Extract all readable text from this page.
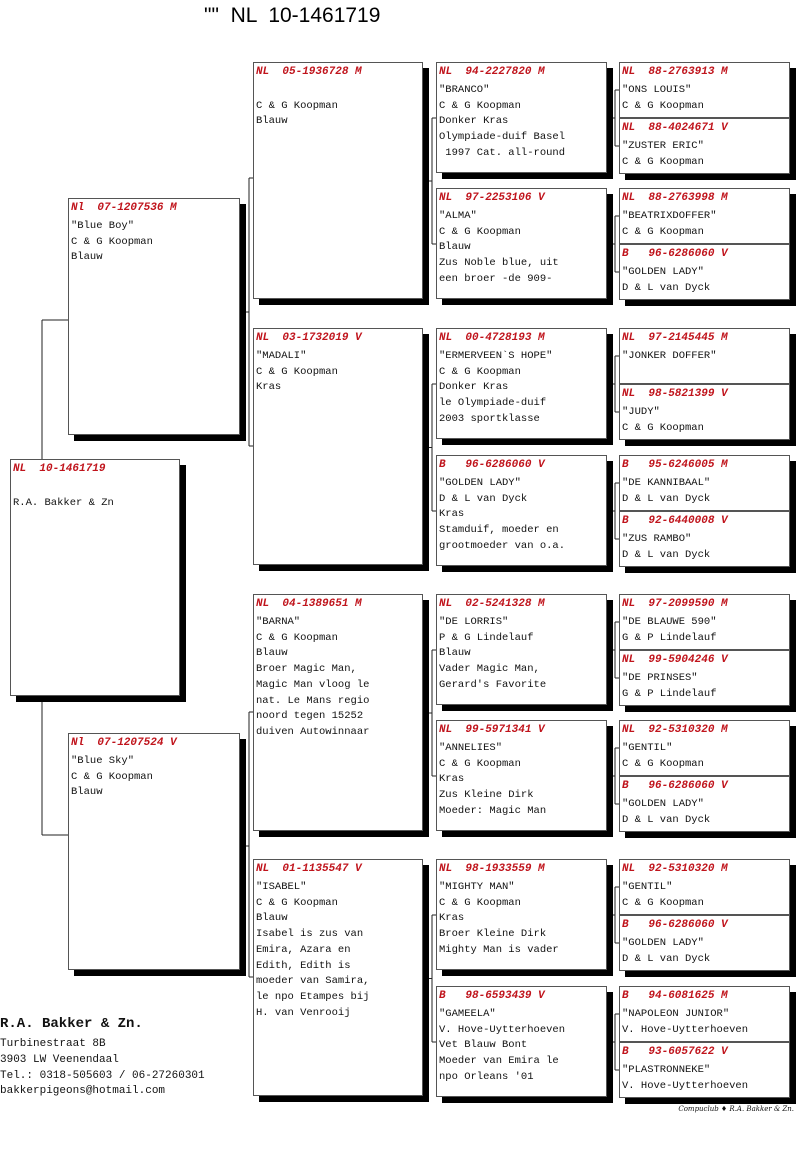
""  NL  10-1461719
NL  10-1461719
R.A. Bakker & Zn
Nl  07-1207536 M
"Blue Boy"
C & G Koopman
Blauw
Nl  07-1207524 V
"Blue Sky"
C & G Koopman
Blauw
NL  05-1936728 M
C & G Koopman
Blauw
NL  03-1732019 V
"MADALI"
C & G Koopman
Kras
NL  04-1389651 M
"BARNA"
C & G Koopman
Blauw
Broer Magic Man,
Magic Man vloog le
nat. Le Mans regio
noord tegen 15252
duiven Autowinnaar
NL  01-1135547 V
"ISABEL"
C & G Koopman
Blauw
Isabel is zus van
Emira, Azara en
Edith, Edith is
moeder van Samira,
le npo Etampes bij
H. van Venrooij
NL  94-2227820 M
"BRANCO"
C & G Koopman
Donker Kras
Olympiade-duif Basel
1997 Cat. all-round
NL  97-2253106 V
"ALMA"
C & G Koopman
Blauw
Zus Noble blue, uit
een broer -de 909-
NL  00-4728193 M
"ERMERVEEN`S HOPE"
C & G Koopman
Donker Kras
le Olympiade-duif
2003 sportklasse
B   96-6286060 V
"GOLDEN LADY"
D & L van Dyck
Kras
Stamduif, moeder en
grootmoeder van o.a.
NL  02-5241328 M
"DE LORRIS"
P & G Lindelauf
Blauw
Vader Magic Man,
Gerard's Favorite
NL  99-5971341 V
"ANNELIES"
C & G Koopman
Kras
Zus Kleine Dirk
Moeder: Magic Man
NL  98-1933559 M
"MIGHTY MAN"
C & G Koopman
Kras
Broer Kleine Dirk
Mighty Man is vader
B   98-6593439 V
"GAMEELA"
V. Hove-Uytterhoeven
Vet Blauw Bont
Moeder van Emira le
npo Orleans '01
NL  88-2763913 M
"ONS LOUIS"
C & G Koopman
NL  88-4024671 V
"ZUSTER ERIC"
C & G Koopman
NL  88-2763998 M
"BEATRIXDOFFER"
C & G Koopman
B   96-6286060 V
"GOLDEN LADY"
D & L van Dyck
NL  97-2145445 M
"JONKER DOFFER"
NL  98-5821399 V
"JUDY"
C & G Koopman
B   95-6246005 M
"DE KANNIBAAL"
D & L van Dyck
B   92-6440008 V
"ZUS RAMBO"
D & L van Dyck
NL  97-2099590 M
"DE BLAUWE 590"
G & P Lindelauf
NL  99-5904246 V
"DE PRINSES"
G & P Lindelauf
NL  92-5310320 M
"GENTIL"
C & G Koopman
B   96-6286060 V
"GOLDEN LADY"
D & L van Dyck
NL  92-5310320 M
"GENTIL"
C & G Koopman
B   96-6286060 V
"GOLDEN LADY"
D & L van Dyck
B   94-6081625 M
"NAPOLEON JUNIOR"
V. Hove-Uytterhoeven
B   93-6057622 V
"PLASTRONNEKE"
V. Hove-Uytterhoeven
R.A. Bakker & Zn.
Turbinestraat 8B
3903 LW Veenendaal
Tel.: 0318-505603 / 06-27260301
bakkerpigeons@hotmail.com
Compuclub ♦ R.A. Bakker & Zn.
